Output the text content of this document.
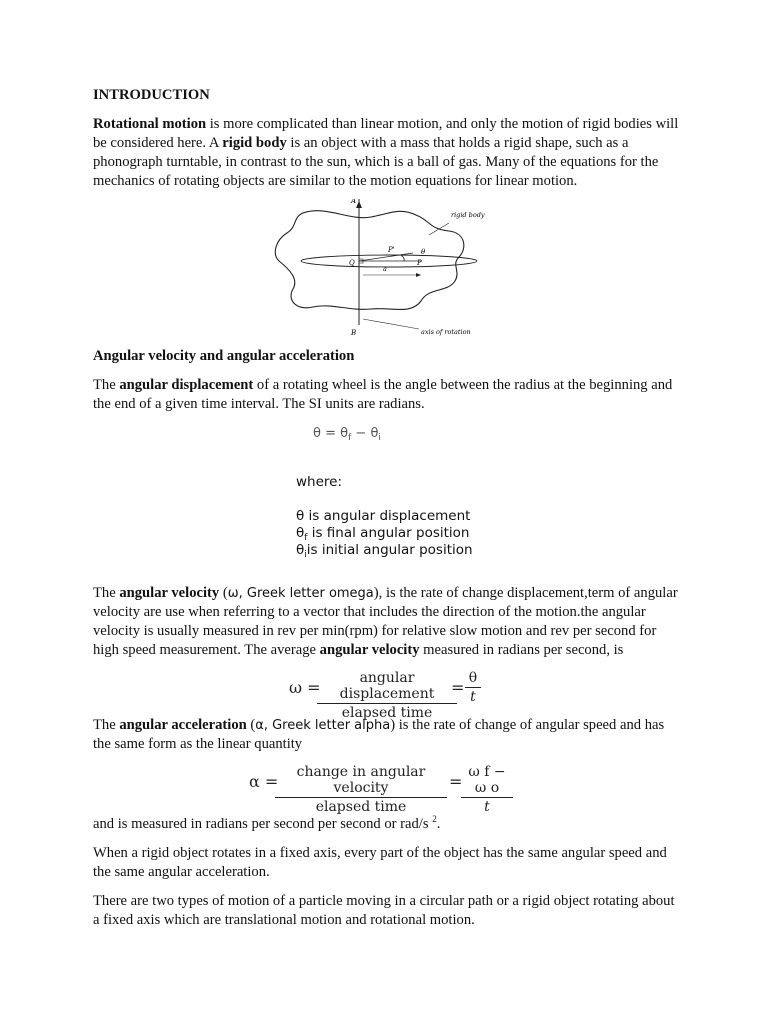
INTRODUCTION

Rotational motion is more complicated than linear motion, and only the motion of rigid bodies will be considered here. A rigid body is an object with a mass that holds a rigid shape, such as a phonograph turntable, in contrast to the sun, which is a ball of gas. Many of the equations for the mechanics of rotating objects are similar to the motion equations for linear motion.

A
B
rigid body
axis of rotation
Q	P
P'	θ
a

Angular velocity and angular acceleration

The angular displacement of a rotating wheel is the angle between the radius at the beginning and the end of a given time interval. The SI units are radians.

$\theta = \theta_f - \theta_i$
where:
θ is angular displacement
$\theta_f$ is final angular position
$\theta_iis$ initial angular position

The angular velocity (ω, Greek letter omega), is the rate of change displacement,term of angular velocity are use when referring to a vector that includes the direction of the motion.the angular velocity is usually measured in rev per min(rpm) for relative slow motion and rev per second for high speed measurement. The average angular velocity measured in radians per second, is

ω =	angular displacement
elapsed time
= $\frac{\theta}{t}$

The angular acceleration (α, Greek letter alpha) is the rate of change of angular speed and has the same form as the linear quantity

α =	change in angular velocity
elapsed time
=
$\frac{\text{ω f − ω o}}{t}$

and is measured in radians per second per second or rad/s $^2$.

When a rigid object rotates in a fixed axis, every part of the object has the same angular speed and the same angular acceleration.

There are two types of motion of a particle moving in a circular path or a rigid object rotating about a fixed axis which are translational motion and rotational motion.
